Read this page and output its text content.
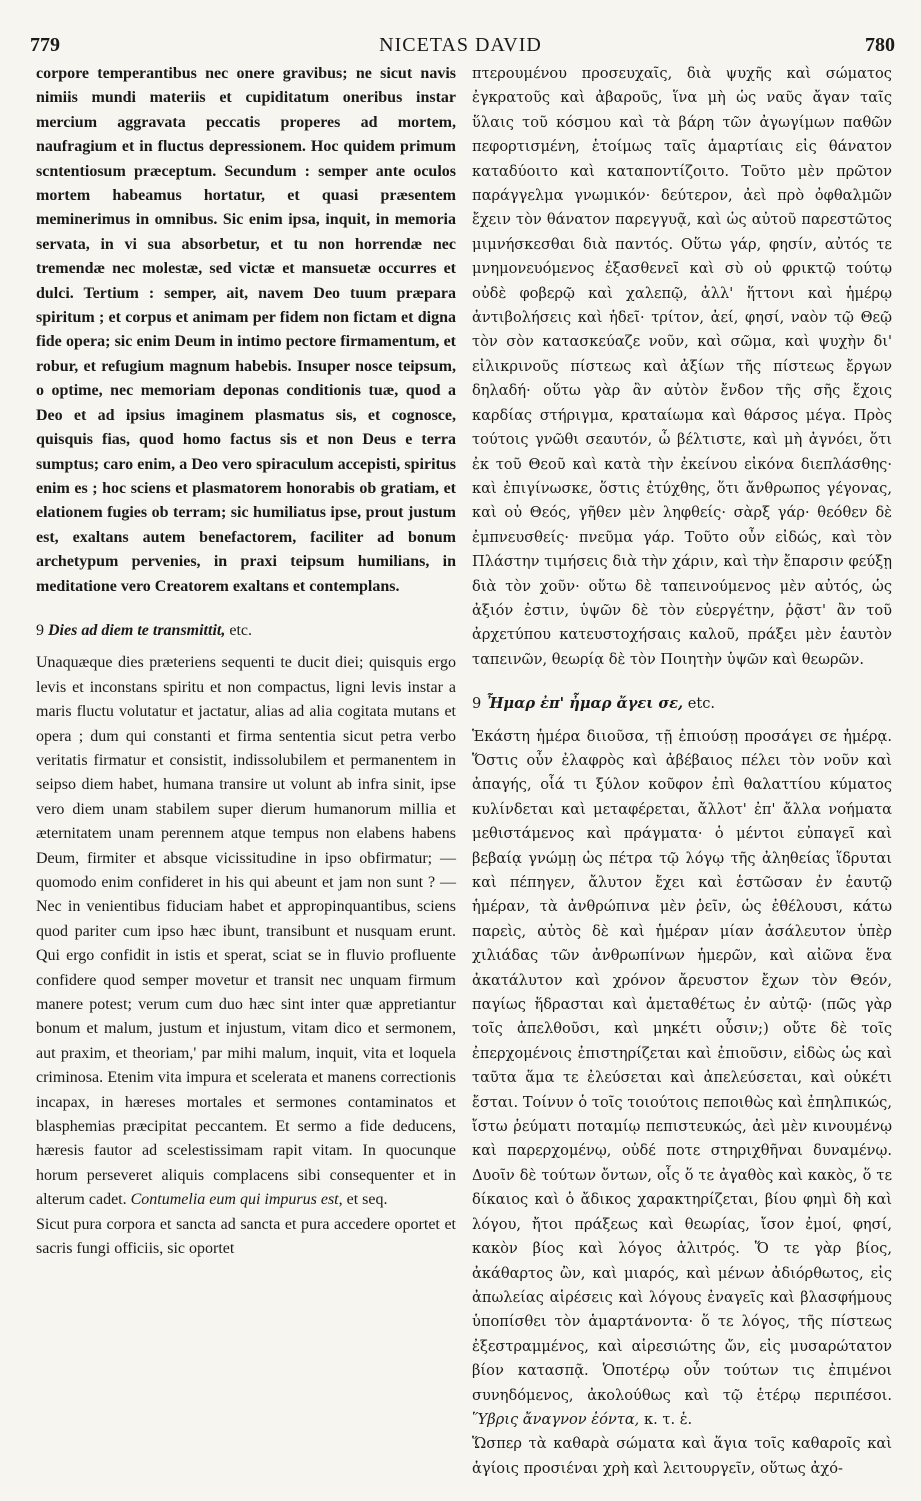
779	NICETAS DAVID	780

corpore temperantibus nec onere gravibus; ne sicut navis nimiis mundi materiis et cupiditatum oneribus instar mercium aggravata peccatis properes ad mortem, naufragium et in fluctus depressionem. Hoc quidem primum scntentiosum præceptum. Secundum : semper ante oculos mortem habeamus hortatur, et quasi præsentem meminerimus in omnibus. Sic enim ipsa, inquit, in memoria servata, in vi sua absorbetur, et tu non horrendæ nec tremendæ nec molestæ, sed victæ et mansuetæ occurres et dulci. Tertium : semper, ait, navem Deo tuum præpara spiritum ; et corpus et animam per fidem non fictam et digna fide opera; sic enim Deum in intimo pectore firmamentum, et robur, et refugium magnum habebis. Insuper nosce teipsum, o optime, nec memoriam deponas conditionis tuæ, quod a Deo et ad ipsius imaginem plasmatus sis, et cognosce, quisquis fias, quod homo factus sis et non Deus e terra sumptus; caro enim, a Deo vero spiraculum accepisti, spiritus enim es ; hoc sciens et plasmatorem honorabis ob gratiam, et elationem fugies ob terram; sic humiliatus ipse, prout justum est, exaltans autem benefactorem, faciliter ad bonum archetypum pervenies, in praxi teipsum humilians, in meditatione vero Creatorem exaltans et contemplans.

9 Dies ad diem te transmittit, etc.

Unaquæque dies præteriens sequenti te ducit diei; quisquis ergo levis et inconstans spiritu et non compactus, ligni levis instar a maris fluctu volutatur et jactatur, alias ad alia cogitata mutans et opera ; dum qui constanti et firma sententia sicut petra verbo veritatis firmatur et consistit, indissolubilem et permanentem in seipso diem habet, humana transire ut volunt ab infra sinit, ipse vero diem unam stabilem super dierum humanorum millia et æternitatem unam perennem atque tempus non elabens habens Deum, firmiter et absque vicissitudine in ipso obfirmatur; — quomodo enim confideret in his qui abeunt et jam non sunt ? — Nec in venientibus fiduciam habet et appropinquantibus, sciens quod pariter cum ipso hæc ibunt, transibunt et nusquam erunt. Qui ergo confidit in istis et sperat, sciat se in fluvio profluente confidere quod semper movetur et transit nec unquam firmum manere potest; verum cum duo hæc sint inter quæ appretiantur bonum et malum, justum et injustum, vitam dico et sermonem, aut praxim, et theoriam,' par mihi malum, inquit, vita et loquela criminosa. Etenim vita impura et scelerata et manens correctionis incapax, in hæreses mortales et sermones contaminatos et blasphemias præcipitat peccantem. Et sermo a fide deducens, hæresis fautor ad scelestissimam rapit vitam. In quocunque horum perseveret aliquis complacens sibi consequenter et in alterum cadet. Contumelia eum qui impurus est, et seq.

Sicut pura corpora et sancta ad sancta et pura accedere oportet et sacris fungi officiis, sic oportet

πτερουμένου προσευχαῖς, διὰ ψυχῆς καὶ σώματος ἐγκρατοῦς καὶ ἀβαροῦς, ἵνα μὴ ὡς ναῦς ἄγαν ταῖς ὕλαις τοῦ κόσμου καὶ τὰ βάρη τῶν ἀγωγίμων παθῶν πεφορτισμένη, ἑτοίμως ταῖς ἁμαρτίαις εἰς θάνατον καταδύοιτο καὶ καταποντίζοιτο. Τοῦτο μὲν πρῶτον παράγγελμα γνωμικόν· δεύτερον, ἀεὶ πρὸ ὀφθαλμῶν ἔχειν τὸν θάνατον παρεγγυᾷ, καὶ ὡς αὐτοῦ παρεστῶτος μιμνήσκεσθαι διὰ παντός. Οὕτω γάρ, φησίν, αὐτός τε μνημονευόμενος ἐξασθενεῖ καὶ σὺ οὐ φρικτῷ τούτῳ οὐδὲ φοβερῷ καὶ χαλεπῷ, ἀλλ' ἥττονι καὶ ἡμέρῳ ἀντιβολήσεις καὶ ἡδεῖ· τρίτον, ἀεί, φησί, ναὸν τῷ Θεῷ τὸν σὸν κατασκεύαζε νοῦν, καὶ σῶμα, καὶ ψυχὴν δι' εἰλικρινοῦς πίστεως καὶ ἀξίων τῆς πίστεως ἔργων δηλαδή· οὕτω γὰρ ἂν αὐτὸν ἔνδον τῆς σῆς ἔχοις καρδίας στήριγμα, κραταίωμα καὶ θάρσος μέγα. Πρὸς τούτοις γνῶθι σεαυτόν, ὦ βέλτιστε, καὶ μὴ ἀγνόει, ὅτι ἐκ τοῦ Θεοῦ καὶ κατὰ τὴν ἐκείνου εἰκόνα διεπλάσθης· καὶ ἐπιγίνωσκε, ὅστις ἐτύχθης, ὅτι ἄνθρωπος γέγονας, καὶ οὐ Θεός, γῆθεν μὲν ληφθείς· σὰρξ γάρ· θεόθεν δὲ ἐμπνευσθείς· πνεῦμα γάρ. Τοῦτο οὖν εἰδώς, καὶ τὸν Πλάστην τιμήσεις διὰ τὴν χάριν, καὶ τὴν ἔπαρσιν φεύξῃ διὰ τὸν χοῦν· οὕτω δὲ ταπεινούμενος μὲν αὐτός, ὡς ἀξιόν ἐστιν, ὑψῶν δὲ τὸν εὐεργέτην, ῥᾷστ' ἂν τοῦ ἀρχετύπου κατευστοχήσαις καλοῦ, πράξει μὲν ἑαυτὸν ταπεινῶν, θεωρίᾳ δὲ τὸν Ποιητὴν ὑψῶν καὶ θεωρῶν.

9 Ἦμαρ ἐπ' ἦμαρ ἄγει σε, etc.

Ἑκάστη ἡμέρα διιοῦσα, τῇ ἐπιούσῃ προσάγει σε ἡμέρᾳ. Ὅστις οὖν ἐλαφρὸς καὶ ἀβέβαιος πέλει τὸν νοῦν καὶ ἀπαγής, οἷά τι ξύλον κοῦφον ἐπὶ θαλαττίου κύματος κυλίνδεται καὶ μεταφέρεται, ἄλλοτ' ἐπ' ἄλλα νοήματα μεθιστάμενος καὶ πράγματα· ὁ μέντοι εὐπαγεῖ καὶ βεβαίᾳ γνώμῃ ὡς πέτρα τῷ λόγῳ τῆς ἀληθείας ἵδρυται καὶ πέπηγεν, ἄλυτον ἔχει καὶ ἑστῶσαν ἐν ἑαυτῷ ἡμέραν, τὰ ἀνθρώπινα μὲν ῥεῖν, ὡς ἐθέλουσι, κάτω παρεὶς, αὐτὸς δὲ καὶ ἡμέραν μίαν ἀσάλευτον ὑπὲρ χιλιάδας τῶν ἀνθρωπίνων ἡμερῶν, καὶ αἰῶνα ἕνα ἀκατάλυτον καὶ χρόνον ἄρευστον ἔχων τὸν Θεόν, παγίως ἥδρασται καὶ ἀμεταθέτως ἐν αὐτῷ· (πῶς γὰρ τοῖς ἀπελθοῦσι, καὶ μηκέτι οὖσιν;) οὔτε δὲ τοῖς ἐπερχομένοις ἐπιστηρίζεται καὶ ἐπιοῦσιν, εἰδὼς ὡς καὶ ταῦτα ἅμα τε ἐλεύσεται καὶ ἀπελεύσεται, καὶ οὐκέτι ἔσται. Τοίνυν ὁ τοῖς τοιούτοις πεποιθὼς καὶ ἐπηλπικώς, ἴστω ῥεύματι ποταμίῳ πεπιστευκώς, ἀεὶ μὲν κινουμένῳ καὶ παρερχομένῳ, οὐδέ ποτε στηριχθῆναι δυναμένῳ. Δυοῖν δὲ τούτων ὄντων, οἷς ὅ τε ἀγαθὸς καὶ κακὸς, ὅ τε δίκαιος καὶ ὁ ἄδικος χαρακτηρίζεται, βίου φημὶ δὴ καὶ λόγου, ἤτοι πράξεως καὶ θεωρίας, ἴσον ἐμοί, φησί, κακὸν βίος καὶ λόγος ἀλιτρός. Ὅ τε γὰρ βίος, ἀκάθαρτος ὢν, καὶ μιαρός, καὶ μένων ἀδιόρθωτος, εἰς ἀπωλείας αἱρέσεις καὶ λόγους ἐναγεῖς καὶ βλασφήμους ὑποπίσθει τὸν ἁμαρτάνοντα· ὅ τε λόγος, τῆς πίστεως ἐξεστραμμένος, καὶ αἱρεσιώτης ὤν, εἰς μυσαρώτατον βίον κατασπᾷ. Ὁποτέρῳ οὖν τούτων τις ἐπιμένοι συνηδόμενος, ἀκολούθως καὶ τῷ ἑτέρῳ περιπέσοι. Ὕβρις ἄναγνον ἐόντα, κ. τ. ἑ.

Ὥσπερ τὰ καθαρὰ σώματα καὶ ἅγια τοῖς καθαροῖς καὶ ἁγίοις προσιέναι χρὴ καὶ λειτουργεῖν, οὕτως ἀχό-
